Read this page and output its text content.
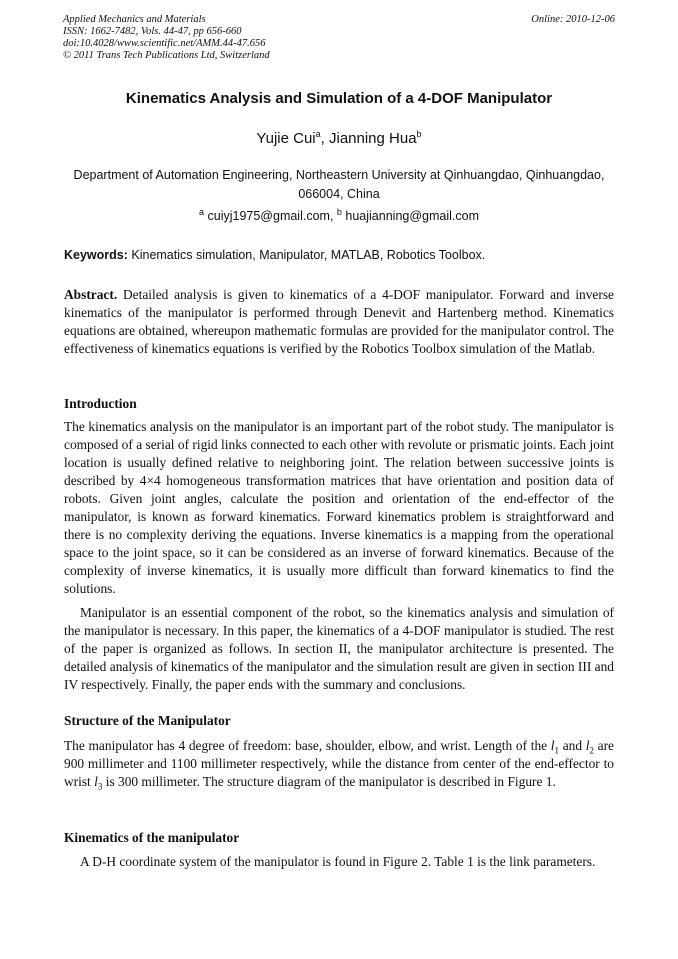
Applied Mechanics and Materials
ISSN: 1662-7482, Vols. 44-47, pp 656-660
doi:10.4028/www.scientific.net/AMM.44-47.656
© 2011 Trans Tech Publications Ltd, Switzerland
Online: 2010-12-06
Kinematics Analysis and Simulation of a 4-DOF Manipulator
Yujie Cui$^a$, Jianning Hua$^b$
Department of Automation Engineering, Northeastern University at Qinhuangdao, Qinhuangdao, 066004, China
$^a$ cuiyj1975@gmail.com, $^b$ huajianning@gmail.com
Keywords: Kinematics simulation, Manipulator, MATLAB, Robotics Toolbox.
Abstract. Detailed analysis is given to kinematics of a 4-DOF manipulator. Forward and inverse kinematics of the manipulator is performed through Denevit and Hartenberg method. Kinematics equations are obtained, whereupon mathematic formulas are provided for the manipulator control. The effectiveness of kinematics equations is verified by the Robotics Toolbox simulation of the Matlab.
Introduction
The kinematics analysis on the manipulator is an important part of the robot study. The manipulator is composed of a serial of rigid links connected to each other with revolute or prismatic joints. Each joint location is usually defined relative to neighboring joint. The relation between successive joints is described by 4×4 homogeneous transformation matrices that have orientation and position data of robots. Given joint angles, calculate the position and orientation of the end-effector of the manipulator, is known as forward kinematics. Forward kinematics problem is straightforward and there is no complexity deriving the equations. Inverse kinematics is a mapping from the operational space to the joint space, so it can be considered as an inverse of forward kinematics. Because of the complexity of inverse kinematics, it is usually more difficult than forward kinematics to find the solutions.
Manipulator is an essential component of the robot, so the kinematics analysis and simulation of the manipulator is necessary. In this paper, the kinematics of a 4-DOF manipulator is studied. The rest of the paper is organized as follows. In section II, the manipulator architecture is presented. The detailed analysis of kinematics of the manipulator and the simulation result are given in section III and IV respectively. Finally, the paper ends with the summary and conclusions.
Structure of the Manipulator
The manipulator has 4 degree of freedom: base, shoulder, elbow, and wrist. Length of the $l_1$ and $l_2$ are 900 millimeter and 1100 millimeter respectively, while the distance from center of the end-effector to wrist $l_3$ is 300 millimeter. The structure diagram of the manipulator is described in Figure 1.
Kinematics of the manipulator
A D-H coordinate system of the manipulator is found in Figure 2. Table 1 is the link parameters.
